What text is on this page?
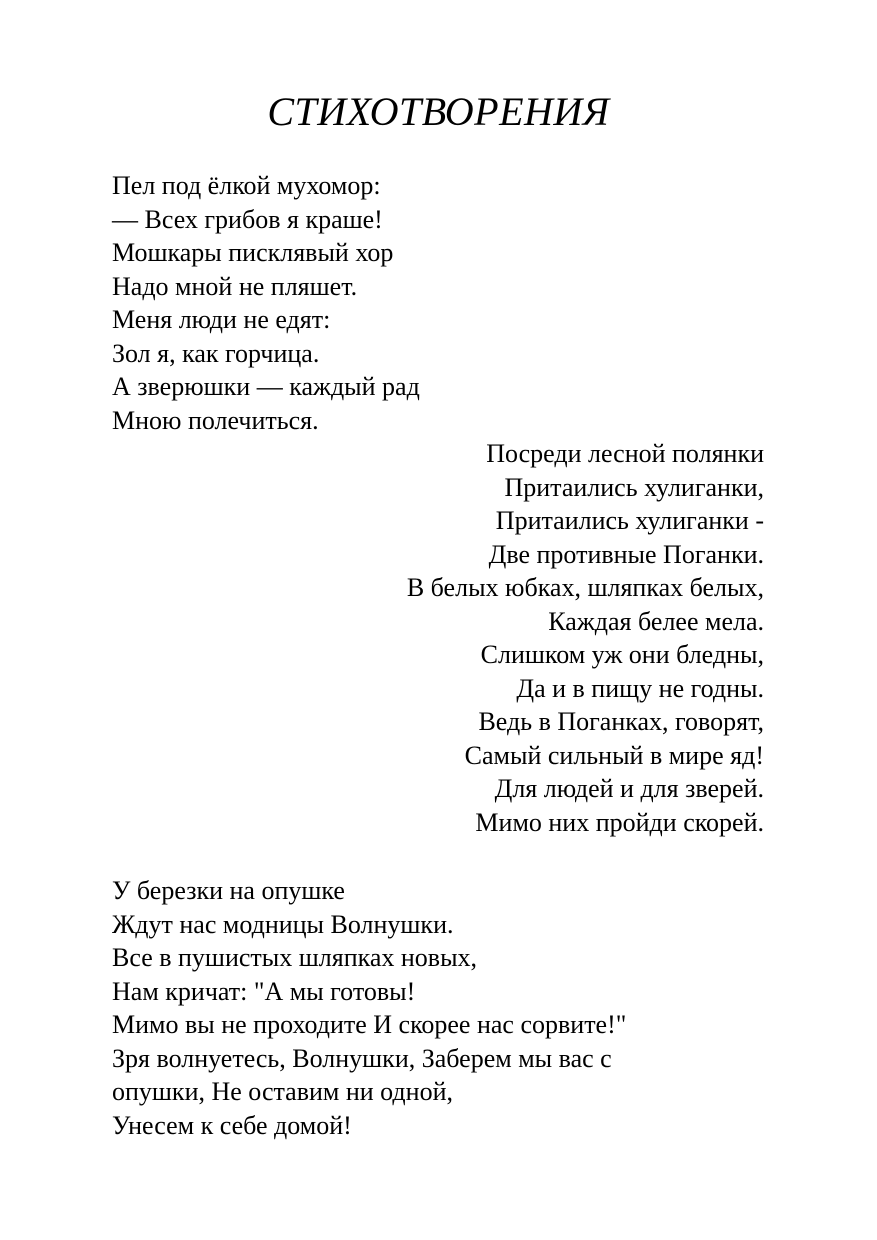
СТИХОТВОРЕНИЯ
Пел под ёлкой мухомор:
— Всех грибов я краше!
Мошкары писклявый хор
Надо мной не пляшет.
Меня люди не едят:
Зол я, как горчица.
А зверюшки — каждый рад
Мною полечиться.
Посреди лесной полянки
Притаились хулиганки,
Притаились хулиганки -
Две противные Поганки.
В белых юбках, шляпках белых,
Каждая белее мела.
Слишком уж они бледны,
Да и в пищу не годны.
Ведь в Поганках, говорят,
Самый сильный в мире яд!
Для людей и для зверей.
Мимо них пройди скорей.
У березки на опушке
Ждут нас модницы Волнушки.
Все в пушистых шляпках новых,
Нам кричат: "А мы готовы!
Мимо вы не проходите И скорее нас сорвите!"
Зря волнуетесь, Волнушки, Заберем мы вас с
опушки, Не оставим ни одной,
Унесем к себе домой!
